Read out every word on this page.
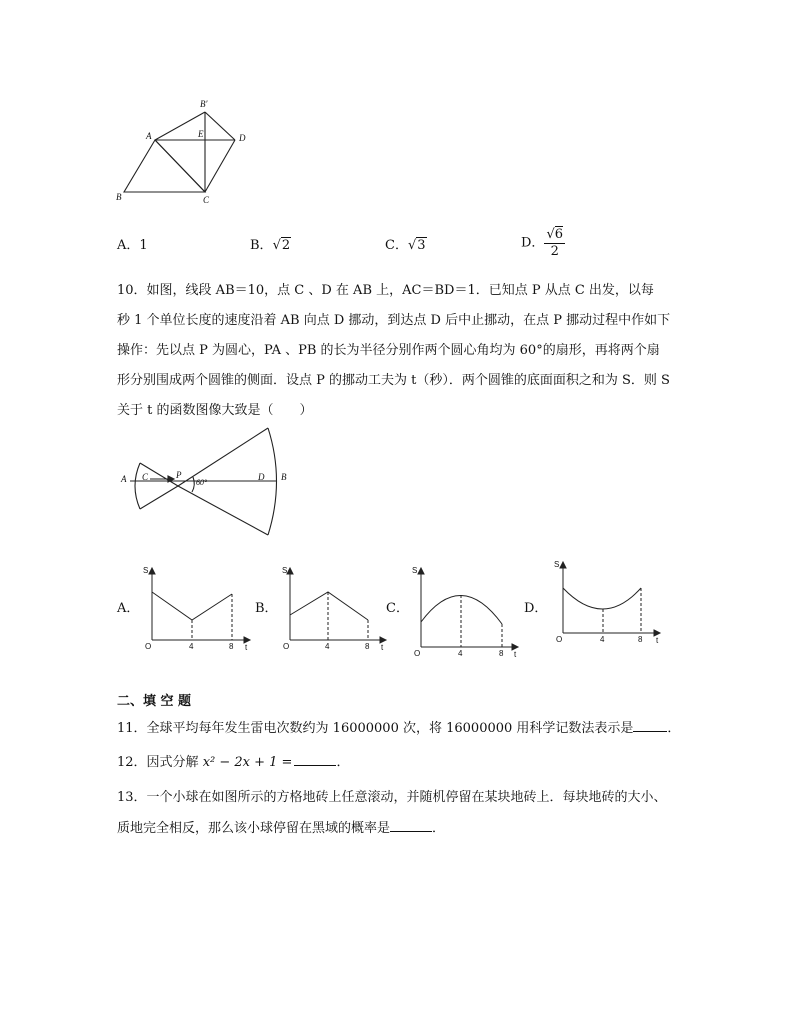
A
B	C
D
E
B′
A．1	B．√2	C．√3	D． $\frac{√6}{2}$
10．如图，线段 AB＝10，点 C 、D 在 AB 上，AC＝BD＝1．已知点 P 从点 C 出发，以每
秒 1 个单位长度的速度沿着 AB 向点 D 挪动，到达点 D 后中止挪动，在点 P 挪动过程中作如下
操作：先以点 P 为圆心，PA 、PB 的长为半径分别作两个圆心角均为 60°的扇形，再将两个扇
形分别围成两个圆锥的侧面．设点 P 的挪动工夫为 t（秒）．两个圆锥的底面面积之和为 S．则 S
关于 t 的函数图像大致是（　　）
A C	P
60°
D B
A．	B．	C．	D．
S
O	4	8 t
S
O	4	8 t
S
O	4	8 t
S
O	4	8 t
二、填 空 题
11．全球平均每年发生雷电次数约为 16000000 次，将 16000000 用科学记数法表示是	．
12．因式分解 x² − 2x + 1 =	．
13．一个小球在如图所示的方格地砖上任意滚动，并随机停留在某块地砖上．每块地砖的大小、
质地完全相反，那么该小球停留在黑域的概率是	．
